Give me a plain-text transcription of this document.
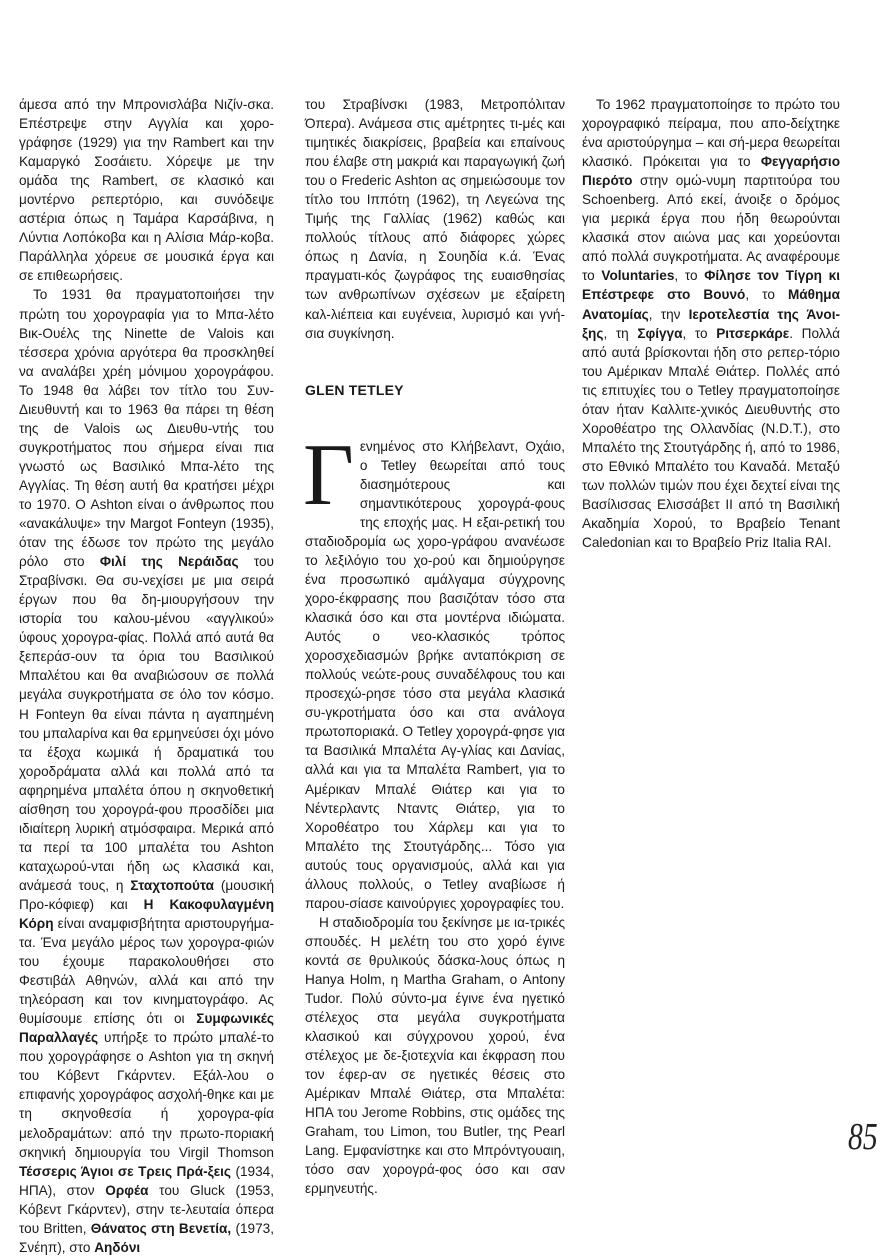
άμεσα από την Μπρονισλάβα Νιζίν-σκα. Επέστρεψε στην Αγγλία και χορο-γράφησε (1929) για την Rambert και την Καμαργκό Σοσάιετυ. Χόρεψε με την ομάδα της Rambert, σε κλασικό και μοντέρνο ρεπερτόριο, και συνόδεψε αστέρια όπως η Ταμάρα Καρσάβινα, η Λύντια Λοπόκοβα και η Αλίσια Μάρ-κοβα. Παράλληλα χόρευε σε μουσικά έργα και σε επιθεωρήσεις.

Το 1931 θα πραγματοποιήσει την πρώτη του χορογραφία για το Μπα-λέτο Βικ-Ουέλς της Ninette de Valois και τέσσερα χρόνια αργότερα θα προσκληθεί να αναλάβει χρέη μόνιμου χορογράφου. Το 1948 θα λάβει τον τίτλο του Συν-Διευθυντή και το 1963 θα πάρει τη θέση της de Valois ως Διευθυ-ντής του συγκροτήματος που σήμερα είναι πια γνωστό ως Βασιλικό Μπα-λέτο της Αγγλίας. Τη θέση αυτή θα κρατήσει μέχρι το 1970. Ο Ashton είναι ο άνθρωπος που «ανακάλυψε» την Margot Fonteyn (1935), όταν της έδωσε τον πρώτο της μεγάλο ρόλο στο Φιλί της Νεράιδας του Στραβίνσκι. Θα συ-νεχίσει με μια σειρά έργων που θα δη-μιουργήσουν την ιστορία του καλου-μένου «αγγλικού» ύφους χορογρα-φίας. Πολλά από αυτά θα ξεπεράσ-ουν τα όρια του Βασιλικού Μπαλέτου και θα αναβιώσουν σε πολλά μεγάλα συγκροτήματα σε όλο τον κόσμο. Η Fonteyn θα είναι πάντα η αγαπημένη του μπαλαρίνα και θα ερμηνεύσει όχι μόνο τα έξοχα κωμικά ή δραματικά του χοροδράματα αλλά και πολλά από τα αφηρημένα μπαλέτα όπου η σκηνοθετική αίσθηση του χορογρά-φου προσδίδει μια ιδιαίτερη λυρική ατμόσφαιρα. Μερικά από τα περί τα 100 μπαλέτα του Ashton καταχωρού-νται ήδη ως κλασικά και, ανάμεσά τους, η Σταχτοπούτα (μουσική Προ-κόφιεφ) και Η Κακοφυλαγμένη Κόρη είναι αναμφισβήτητα αριστουργήμα-τα. Ένα μεγάλο μέρος των χορογρα-φιών του έχουμε παρακολουθήσει στο Φεστιβάλ Αθηνών, αλλά και από την τηλεόραση και τον κινηματογράφο. Ας θυμίσουμε επίσης ότι οι Συμφωνικές Παραλλαγές υπήρξε το πρώτο μπαλέ-το που χορογράφησε ο Ashton για τη σκηνή του Κόβεντ Γκάρντεν. Εξάλ-λου ο επιφανής χορογράφος ασχολή-θηκε και με τη σκηνοθεσία ή χορογρα-φία μελοδραμάτων: από την πρωτο-ποριακή σκηνική δημιουργία του Virgil Thomson Τέσσερις Άγιοι σε Τρεις Πρά-ξεις (1934, ΗΠΑ), στον Ορφέα του Gluck (1953, Κόβεντ Γκάρντεν), στην τε-λευταία όπερα του Britten, Θάνατος στη Βενετία, (1973, Σνέηπ), στο Αηδόνι

του Στραβίνσκι (1983, Μετροπόλιταν Όπερα). Ανάμεσα στις αμέτρητες τι-μές και τιμητικές διακρίσεις, βραβεία και επαίνους που έλαβε στη μακριά και παραγωγική ζωή του ο Frederic Ashton ας σημειώσουμε τον τίτλο του Ιππότη (1962), τη Λεγεώνα της Τιμής της Γαλλίας (1962) καθώς και πολλούς τίτλους από διάφορες χώρες όπως η Δανία, η Σουηδία κ.ά. Ένας πραγματι-κός ζωγράφος της ευαισθησίας των ανθρωπίνων σχέσεων με εξαίρετη καλ-λιέπεια και ευγένεια, λυρισμό και γνή-σια συγκίνηση.

GLEN TETLEY

Γενημένος στο Κλήβελαντ, Οχάιο, ο Tetley θεωρείται από τους διασημότερους και σημαντικότερους χορογρά-φους της εποχής μας. Η εξαι-ρετική του σταδιοδρομία ως χορο-γράφου ανανέωσε το λεξιλόγιο του χο-ρού και δημιούργησε ένα προσωπικό αμάλγαμα σύγχρονης χορο-έκφρασης που βασιζόταν τόσο στα κλασικά όσο και στα μοντέρνα ιδιώματα. Αυτός ο νεο-κλασικός τρόπος χοροσχεδιασμών βρήκε ανταπόκριση σε πολλούς νεώτε-ρους συναδέλφους του και προσεχώ-ρησε τόσο στα μεγάλα κλασικά συ-γκροτήματα όσο και στα ανάλογα πρωτοποριακά. Ο Tetley χορογρά-φησε για τα Βασιλικά Μπαλέτα Αγ-γλίας και Δανίας, αλλά και για τα Μπαλέτα Rambert, για το Αμέρικαν Μπαλέ Θιάτερ και για το Νέντερλαντς Νταντς Θιάτερ, για το Χοροθέατρο του Χάρλεμ και για το Μπαλέτο της Στουτγάρδης... Τόσο για αυτούς τους οργανισμούς, αλλά και για άλλους πολλούς, ο Tetley αναβίωσε ή παρου-σίασε καινούργιες χορογραφίες του.

Η σταδιοδρομία του ξεκίνησε με ια-τρικές σπουδές. Η μελέτη του στο χορό έγινε κοντά σε θρυλικούς δάσκα-λους όπως η Hanya Holm, η Martha Graham, ο Antony Tudor. Πολύ σύντο-μα έγινε ένα ηγετικό στέλεχος στα μεγάλα συγκροτήματα κλασικού και σύγχρονου χορού, ένα στέλεχος με δε-ξιοτεχνία και έκφραση που τον έφερ-αν σε ηγετικές θέσεις στο Αμέρικαν Μπαλέ Θιάτερ, στα Μπαλέτα: ΗΠΑ του Jerome Robbins, στις ομάδες της Graham, του Limon, του Butler, της Pearl Lang. Εμφανίστηκε και στο Μπρόντγουαιη, τόσο σαν χορογρά-φος όσο και σαν ερμηνευτής.

Το 1962 πραγματοποίησε το πρώτο του χορογραφικό πείραμα, που απο-δείχτηκε ένα αριστούργημα – και σή-μερα θεωρείται κλασικό. Πρόκειται για το Φεγγαρήσιο Πιερότο στην ομώ-νυμη παρτιτούρα του Schoenberg. Από εκεί, άνοιξε ο δρόμος για μερικά έργα που ήδη θεωρούνται κλασικά στον αιώνα μας και χορεύονται από πολλά συγκροτήματα. Ας αναφέρουμε το Voluntaries, το Φίλησε τον Τίγρη κι Επέστρεφε στο Βουνό, το Μάθημα Ανατομίας, την Ιεροτελεστία της Άνοι-ξης, τη Σφίγγα, το Ριτσερκάρε. Πολλά από αυτά βρίσκονται ήδη στο ρεπερ-τόριο του Αμέρικαν Μπαλέ Θιάτερ. Πολλές από τις επιτυχίες του ο Tetley πραγματοποίησε όταν ήταν Καλλιτε-χνικός Διευθυντής στο Χοροθέατρο της Ολλανδίας (N.D.T.), στο Μπαλέτο της Στουτγάρδης ή, από το 1986, στο Εθνικό Μπαλέτο του Καναδά. Μεταξύ των πολλών τιμών που έχει δεχτεί είναι της Βασίλισσας Ελισσάβετ ΙΙ από τη Βασιλική Ακαδημία Χορού, το Βραβείο Tenant Caledonian και το Βραβείο Priz Italia RAI.

85
